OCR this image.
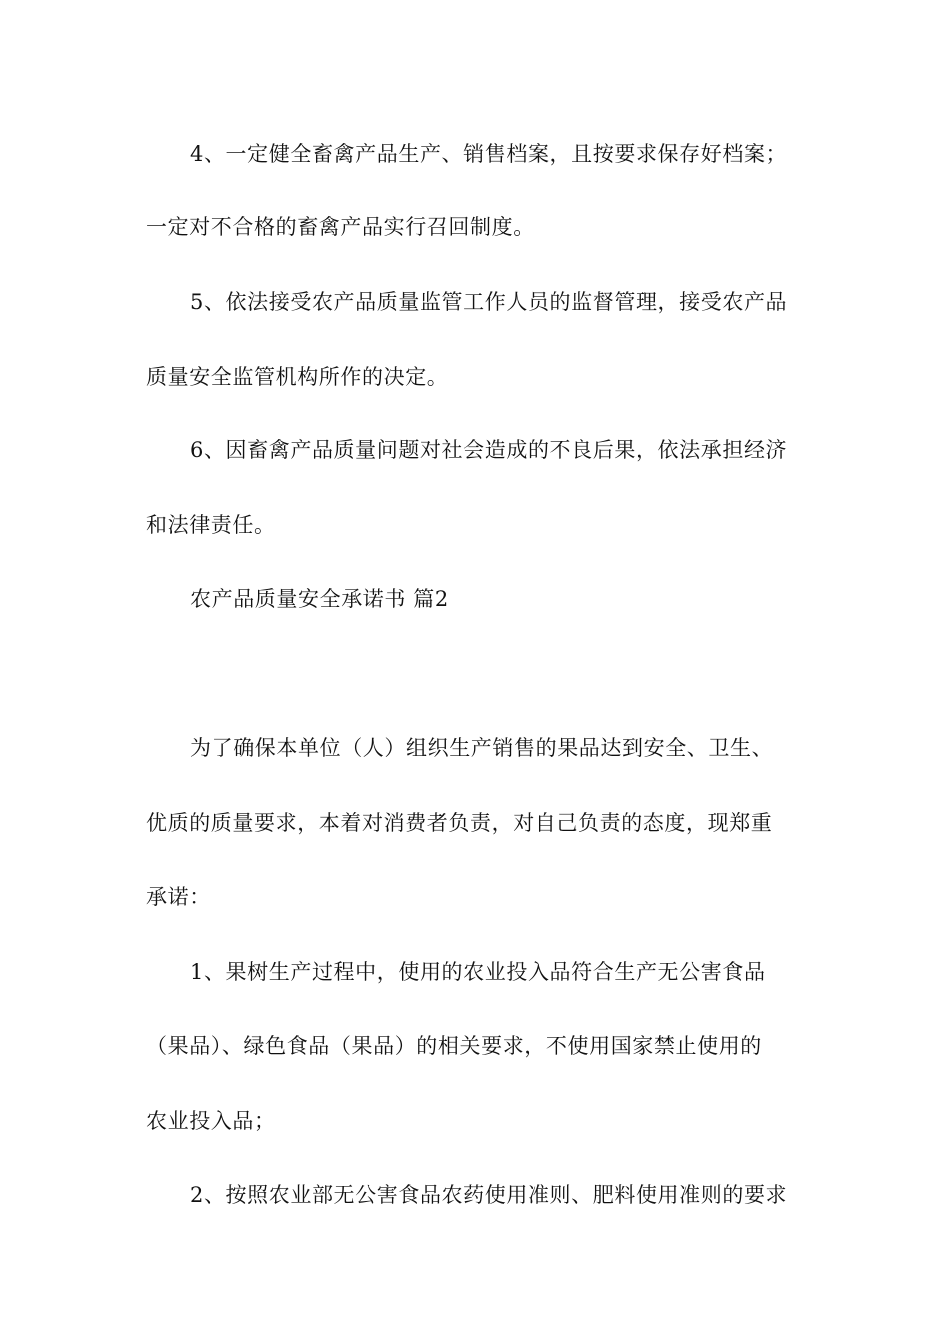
4、一定健全畜禽产品生产、销售档案，且按要求保存好档案；
一定对不合格的畜禽产品实行召回制度。
5、依法接受农产品质量监管工作人员的监督管理，接受农产品
质量安全监管机构所作的决定。
6、因畜禽产品质量问题对社会造成的不良后果，依法承担经济
和法律责任。
农产品质量安全承诺书 篇2
为了确保本单位（人）组织生产销售的果品达到安全、卫生、
优质的质量要求，本着对消费者负责，对自己负责的态度，现郑重
承诺：
1、果树生产过程中，使用的农业投入品符合生产无公害食品
（果品）、绿色食品（果品）的相关要求，不使用国家禁止使用的
农业投入品；
2、按照农业部无公害食品农药使用准则、肥料使用准则的要求
